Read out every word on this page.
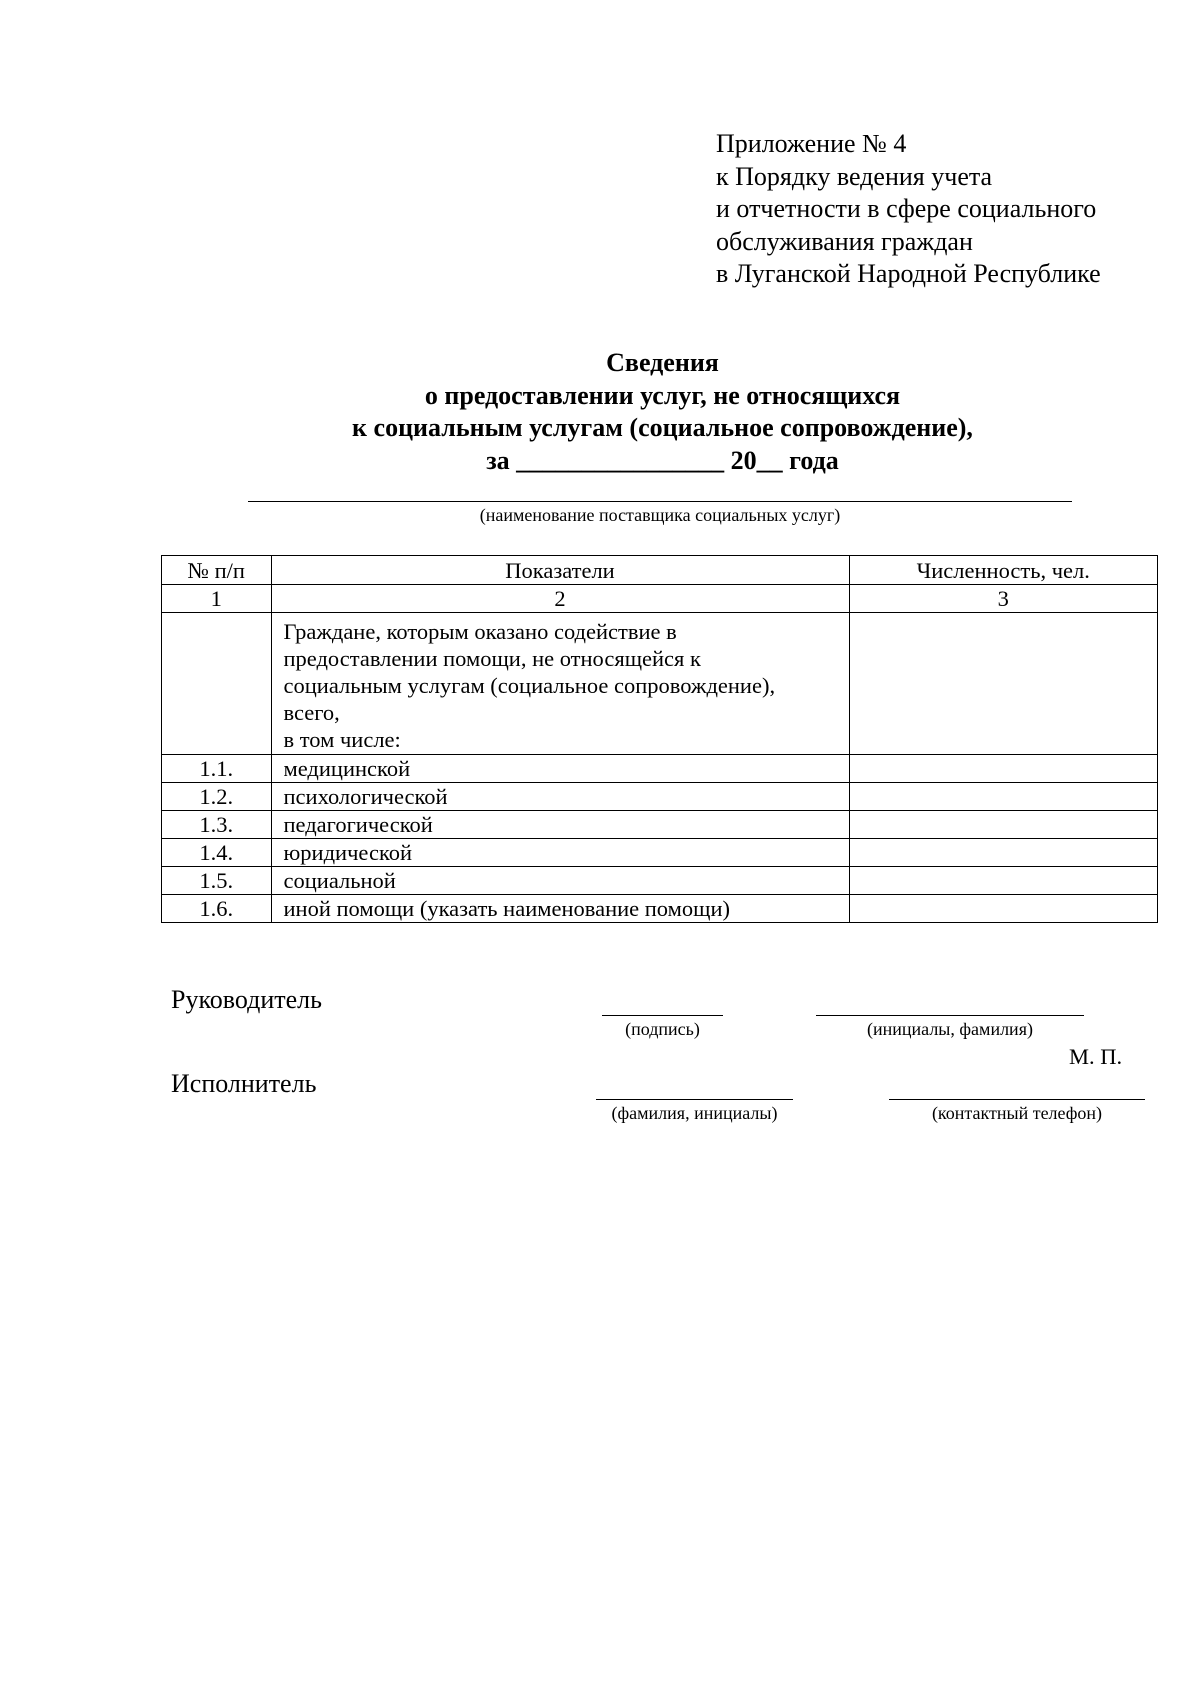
Приложение № 4
к Порядку ведения учета
и отчетности в сфере социального
обслуживания граждан
в Луганской Народной Республике
Сведения
о предоставлении услуг, не относящихся
к социальным услугам (социальное сопровождение),
за ________________ 20__ года
(наименование поставщика социальных услуг)
№ п/п	Показатели	Численность, чел.
1	2	3

	Граждане, которым оказано содействие в
предоставлении помощи, не относящейся к
социальным услугам (социальное сопровождение),
всего,
в том числе:	

1.1.	медицинской	
1.2.	психологической	
1.3.	педагогической	
1.4.	юридической	
1.5.	социальной	
1.6.	иной помощи (указать наименование помощи)	
Руководитель
(подпись)	(инициалы, фамилия)
М. П.
Исполнитель
(фамилия, инициалы)	(контактный телефон)
